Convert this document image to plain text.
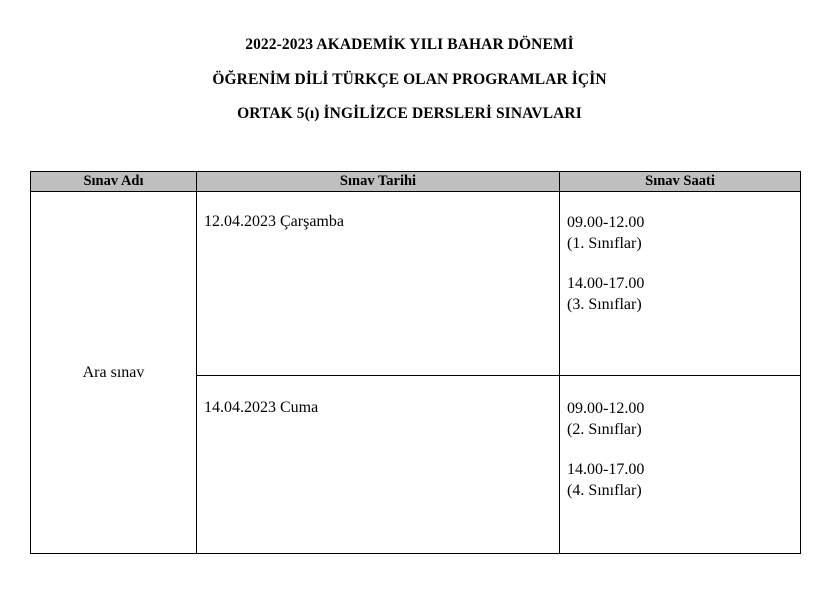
2022-2023 AKADEMİK YILI BAHAR DÖNEMİ
ÖĞRENİM DİLİ TÜRKÇE OLAN PROGRAMLAR İÇİN
ORTAK 5(ı) İNGİLİZCE DERSLERİ SINAVLARI
Sınav Adı	Sınav Tarihi	Sınav Saati
Ara sınav	12.04.2023 Çarşamba	09.00-12.00
(1. Sınıflar)
14.00-17.00
(3. Sınıflar)

	14.04.2023 Cuma	09.00-12.00
(2. Sınıflar)
14.00-17.00
(4. Sınıflar)
